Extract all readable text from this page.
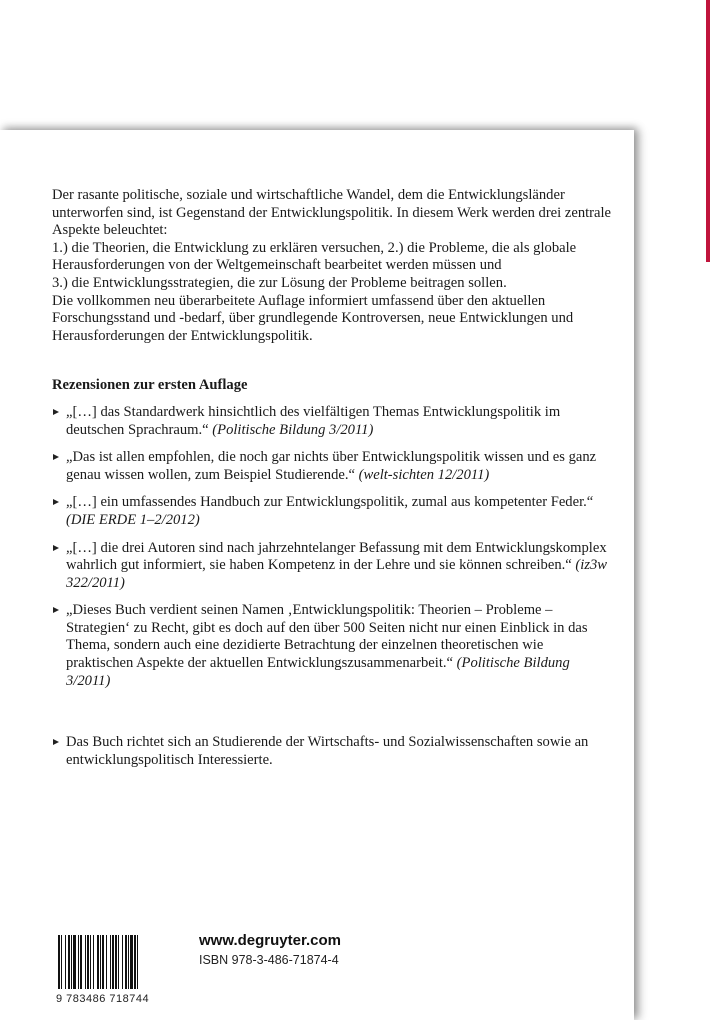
Der rasante politische, soziale und wirtschaftliche Wandel, dem die Entwicklungsländer unterworfen sind, ist Gegenstand der Entwicklungspolitik. In diesem Werk werden drei zentrale Aspekte beleuchtet:

1.) die Theorien, die Entwicklung zu erklären versuchen, 2.) die Probleme, die als globale Herausforderungen von der Weltgemeinschaft bearbeitet werden müssen und

3.) die Entwicklungsstrategien, die zur Lösung der Probleme beitragen sollen.

Die vollkommen neu überarbeitete Auflage informiert umfassend über den aktuellen Forschungsstand und -bedarf, über grundlegende Kontroversen, neue Entwicklungen und Herausforderungen der Entwicklungspolitik.

Rezensionen zur ersten Auflage
„[…] das Standardwerk hinsichtlich des vielfältigen Themas Entwicklungspolitik im deutschen Sprachraum.“ (Politische Bildung 3/2011)
„Das ist allen empfohlen, die noch gar nichts über Entwicklungspolitik wissen und es ganz genau wissen wollen, zum Beispiel Studierende.“ (welt-sichten 12/2011)
„[…] ein umfassendes Handbuch zur Entwicklungspolitik, zumal aus kompetenter Feder.“ (DIE ERDE 1–2/2012)
„[…] die drei Autoren sind nach jahrzehntelanger Befassung mit dem Entwicklungskomplex wahrlich gut informiert, sie haben Kompetenz in der Lehre und sie können schreiben.“ (iz3w 322/2011)
„Dieses Buch verdient seinen Namen ‚Entwicklungspolitik: Theorien – Probleme – Strategien‘ zu Recht, gibt es doch auf den über 500 Seiten nicht nur einen Einblick in das Thema, sondern auch eine dezidierte Betrachtung der einzelnen theoretischen wie praktischen Aspekte der aktuellen Entwicklungszusammenarbeit.“ (Politische Bildung 3/2011)
Das Buch richtet sich an Studierende der Wirtschafts- und Sozialwissenschaften sowie an entwicklungspolitisch Interessierte.
9 783486 718744
www.degruyter.com
ISBN 978-3-486-71874-4
